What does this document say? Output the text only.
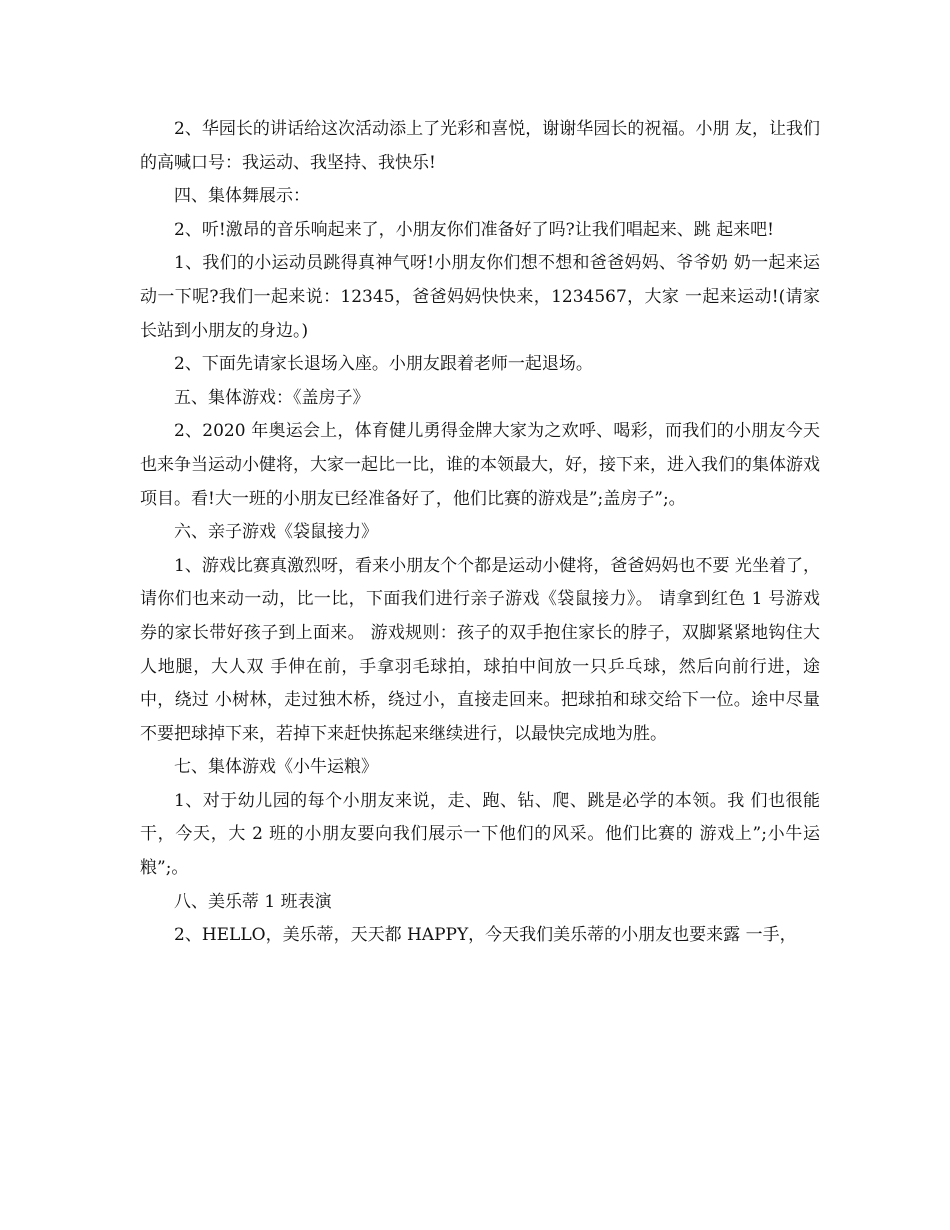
2、华园长的讲话给这次活动添上了光彩和喜悦，谢谢华园长的祝福。小朋 友，让我们的高喊口号：我运动、我坚持、我快乐!

四、集体舞展示：

2、听!激昂的音乐响起来了，小朋友你们准备好了吗?让我们唱起来、跳 起来吧!

1、我们的小运动员跳得真神气呀!小朋友你们想不想和爸爸妈妈、爷爷奶 奶一起来运动一下呢?我们一起来说：12345，爸爸妈妈快快来，1234567，大家 一起来运动!(请家长站到小朋友的身边。)

2、下面先请家长退场入座。小朋友跟着老师一起退场。

五、集体游戏：《盖房子》

2、2020 年奥运会上，体育健儿勇得金牌大家为之欢呼、喝彩，而我们的小朋友今天也来争当运动小健将，大家一起比一比，谁的本领最大，好，接下来，进入我们的集体游戏项目。看!大一班的小朋友已经准备好了，他们比赛的游戏是”;盖房子”;。

六、亲子游戏《袋鼠接力》

1、游戏比赛真激烈呀，看来小朋友个个都是运动小健将，爸爸妈妈也不要 光坐着了，请你们也来动一动，比一比，下面我们进行亲子游戏《袋鼠接力》。 请拿到红色 1 号游戏券的家长带好孩子到上面来。 游戏规则：孩子的双手抱住家长的脖子，双脚紧紧地钩住大人地腿，大人双 手伸在前，手拿羽毛球拍，球拍中间放一只乒乓球，然后向前行进，途中，绕过 小树林，走过独木桥，绕过小，直接走回来。把球拍和球交给下一位。途中尽量 不要把球掉下来，若掉下来赶快拣起来继续进行，以最快完成地为胜。

七、集体游戏《小牛运粮》

1、对于幼儿园的每个小朋友来说，走、跑、钻、爬、跳是必学的本领。我 们也很能干，今天，大 2 班的小朋友要向我们展示一下他们的风采。他们比赛的 游戏上”;小牛运粮”;。

八、美乐蒂 1 班表演

2、HELLO，美乐蒂，天天都 HAPPY，今天我们美乐蒂的小朋友也要来露 一手，
